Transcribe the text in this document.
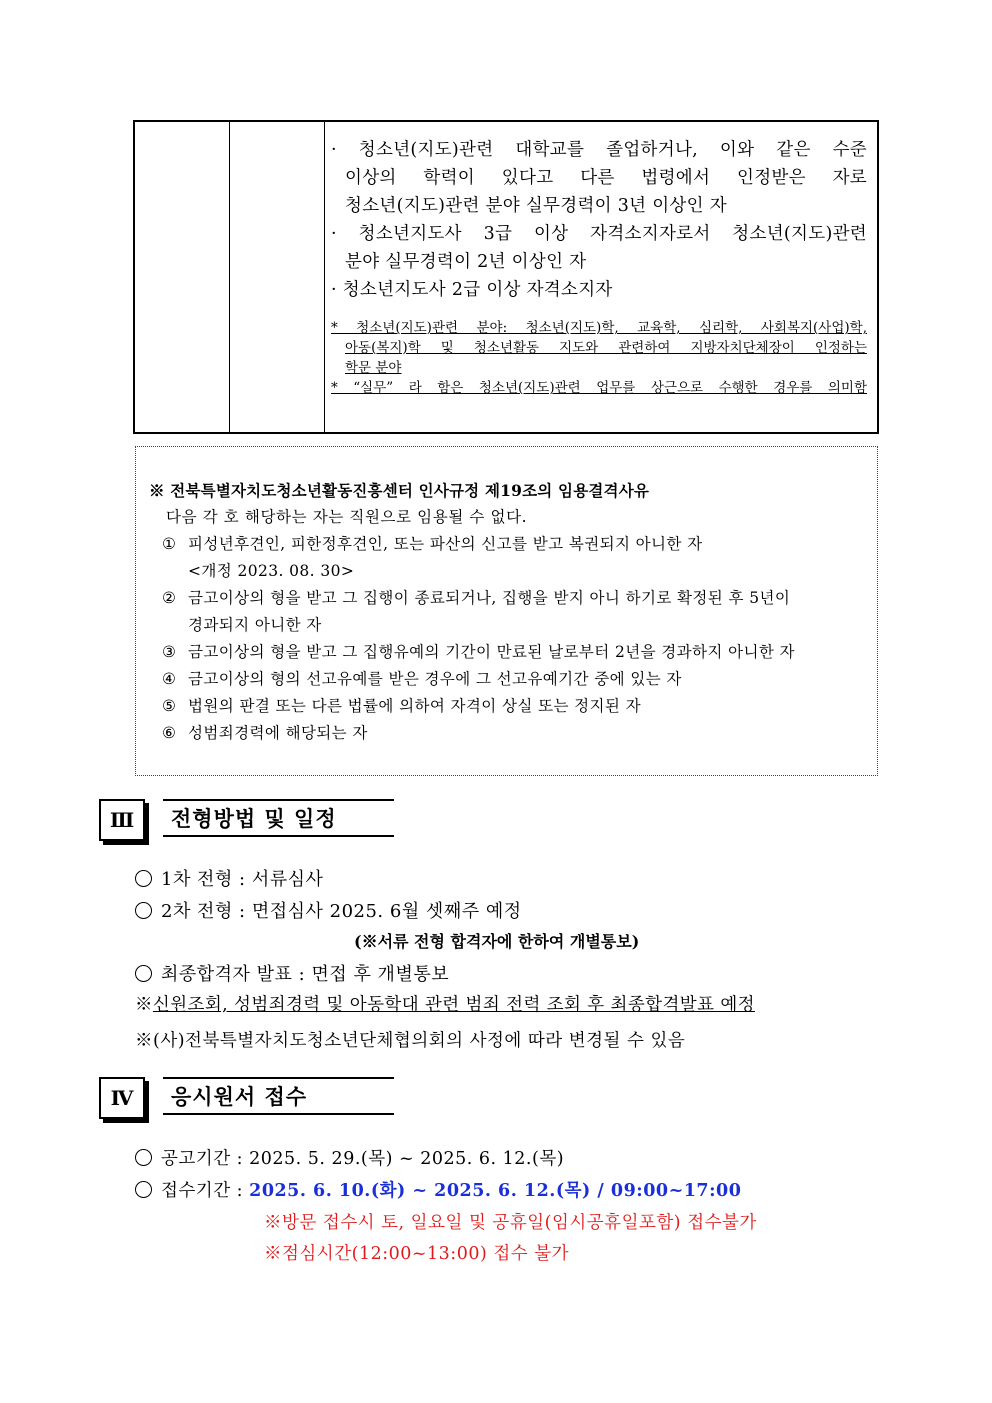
· 청소년(지도)관련 대학교를 졸업하거나, 이와 같은 수준
이상의 학력이 있다고 다른 법령에서 인정받은 자로
청소년(지도)관련 분야 실무경력이 3년 이상인 자
· 청소년지도사 3급 이상 자격소지자로서 청소년(지도)관련
분야 실무경력이 2년 이상인 자
· 청소년지도사 2급 이상 자격소지자
* 청소년(지도)관련 분야: 청소년(지도)학, 교육학, 심리학, 사회복지(사업)학,
아동(복지)학 및 청소년활동 지도와 관련하여 지방자치단체장이 인정하는
학문 분야
* “실무” 라 함은 청소년(지도)관련 업무를 상근으로 수행한 경우를 의미함
※ 전북특별자치도청소년활동진흥센터 인사규정 제19조의 임용결격사유
다음 각 호 해당하는 자는 직원으로 임용될 수 없다.
① 피성년후견인, 피한정후견인, 또는 파산의 신고를 받고 복권되지 아니한 자
<개정 2023. 08. 30>
② 금고이상의 형을 받고 그 집행이 종료되거나, 집행을 받지 아니 하기로 확정된 후 5년이
경과되지 아니한 자
③ 금고이상의 형을 받고 그 집행유예의 기간이 만료된 날로부터 2년을 경과하지 아니한 자
④ 금고이상의 형의 선고유예를 받은 경우에 그 선고유예기간 중에 있는 자
⑤ 법원의 판결 또는 다른 법률에 의하여 자격이 상실 또는 정지된 자
⑥ 성범죄경력에 해당되는 자
Ⅲ	전형방법 및 일정
1차 전형 : 서류심사
2차 전형 : 면접심사 2025. 6월 셋째주 예정
(※서류 전형 합격자에 한하여 개별통보)
최종합격자 발표 : 면접 후 개별통보
※신원조회, 성범죄경력 및 아동학대 관련 범죄 전력 조회 후 최종합격발표 예정
※(사)전북특별자치도청소년단체협의회의 사정에 따라 변경될 수 있음
Ⅳ	응시원서 접수
공고기간 : 2025. 5. 29.(목) ~ 2025. 6. 12.(목)
접수기간 : 2025. 6. 10.(화) ~ 2025. 6. 12.(목) / 09:00~17:00
※방문 접수시 토, 일요일 및 공휴일(임시공휴일포함) 접수불가
※점심시간(12:00~13:00) 접수 불가
